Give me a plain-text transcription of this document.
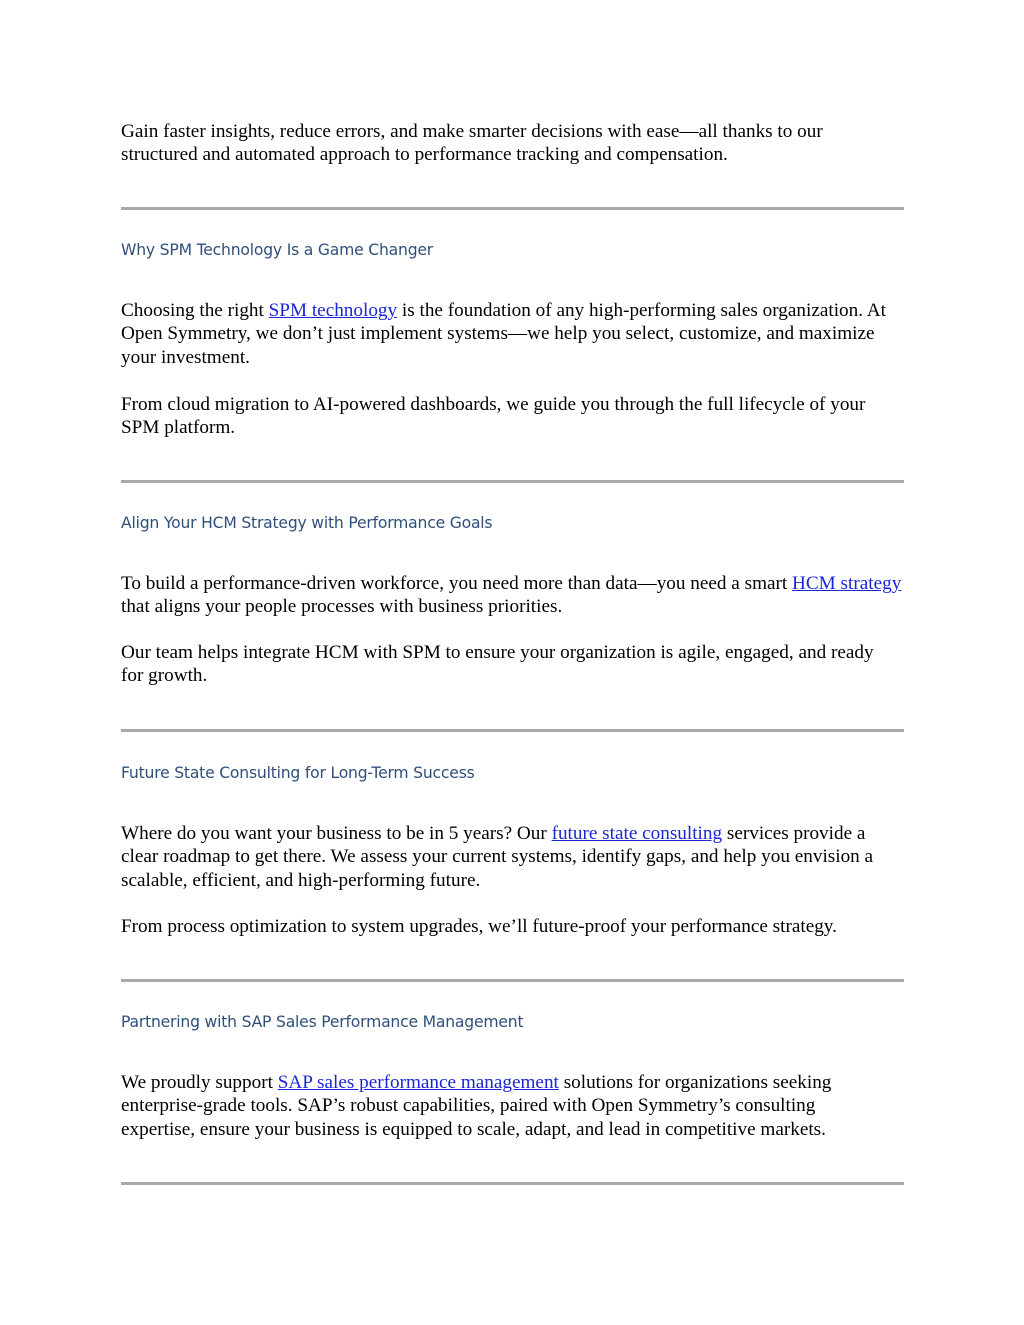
Gain faster insights, reduce errors, and make smarter decisions with ease—all thanks to our structured and automated approach to performance tracking and compensation.

Why SPM Technology Is a Game Changer

Choosing the right SPM technology is the foundation of any high-performing sales organization. At Open Symmetry, we don’t just implement systems—we help you select, customize, and maximize your investment.

From cloud migration to AI-powered dashboards, we guide you through the full lifecycle of your SPM platform.

Align Your HCM Strategy with Performance Goals

To build a performance-driven workforce, you need more than data—you need a smart HCM strategy that aligns your people processes with business priorities.

Our team helps integrate HCM with SPM to ensure your organization is agile, engaged, and ready for growth.

Future State Consulting for Long-Term Success

Where do you want your business to be in 5 years? Our future state consulting services provide a clear roadmap to get there. We assess your current systems, identify gaps, and help you envision a scalable, efficient, and high-performing future.

From process optimization to system upgrades, we’ll future-proof your performance strategy.

Partnering with SAP Sales Performance Management

We proudly support SAP sales performance management solutions for organizations seeking enterprise-grade tools. SAP’s robust capabilities, paired with Open Symmetry’s consulting expertise, ensure your business is equipped to scale, adapt, and lead in competitive markets.
